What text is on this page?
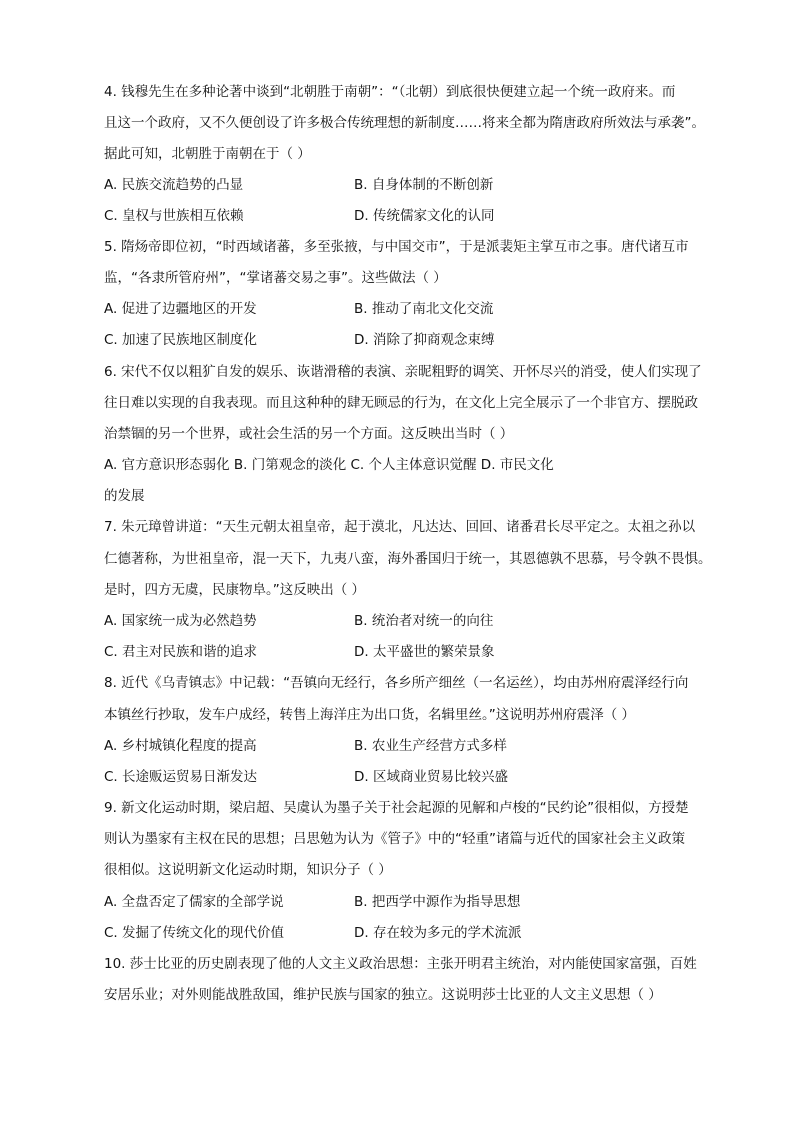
4. 钱穆先生在多种论著中谈到“北朝胜于南朝”：“（北朝）到底很快便建立起一个统一政府来。而
且这一个政府，又不久便创设了许多极合传统理想的新制度……将来全都为隋唐政府所效法与承袭”。
据此可知，北朝胜于南朝在于（ ）
A. 民族交流趋势的凸显	B. 自身体制的不断创新
C. 皇权与世族相互依赖	D. 传统儒家文化的认同
5. 隋炀帝即位初，“时西域诸蕃，多至张掖，与中国交市”，于是派裴矩主掌互市之事。唐代诸互市
监，“各隶所管府州”，“掌诸蕃交易之事”。这些做法（ ）
A. 促进了边疆地区的开发	B. 推动了南北文化交流
C. 加速了民族地区制度化	D. 消除了抑商观念束缚
6. 宋代不仅以粗犷自发的娱乐、诙谐滑稽的表演、亲昵粗野的调笑、开怀尽兴的消受，使人们实现了
往日难以实现的自我表现。而且这种种的肆无顾忌的行为，在文化上完全展示了一个非官方、摆脱政
治禁锢的另一个世界，或社会生活的另一个方面。这反映出当时（ ）
A. 官方意识形态弱化 B. 门第观念的淡化 C. 个人主体意识觉醒 D. 市民文化
的发展
7. 朱元璋曾讲道：“天生元朝太祖皇帝，起于漠北，凡达达、回回、诸番君长尽平定之。太祖之孙以
仁德著称，为世祖皇帝，混一天下，九夷八蛮，海外番国归于统一，其恩德孰不思慕，号令孰不畏惧。
是时，四方无虞，民康物阜。”这反映出（ ）
A. 国家统一成为必然趋势	B. 统治者对统一的向往
C. 君主对民族和谐的追求	D. 太平盛世的繁荣景象
8. 近代《乌青镇志》中记载：“吾镇向无经行，各乡所产细丝（一名运丝），均由苏州府震泽经行向
本镇丝行抄取，发车户成经，转售上海洋庄为出口货，名辑里丝。”这说明苏州府震泽（ ）
A. 乡村城镇化程度的提高	B. 农业生产经营方式多样
C. 长途贩运贸易日渐发达	D. 区域商业贸易比较兴盛
9. 新文化运动时期，梁启超、吴虞认为墨子关于社会起源的见解和卢梭的“民约论”很相似，方授楚
则认为墨家有主权在民的思想；吕思勉为认为《管子》中的“轻重”诸篇与近代的国家社会主义政策
很相似。这说明新文化运动时期，知识分子（ ）
A. 全盘否定了儒家的全部学说	B. 把西学中源作为指导思想
C. 发掘了传统文化的现代价值	D. 存在较为多元的学术流派
10. 莎士比亚的历史剧表现了他的人文主义政治思想：主张开明君主统治，对内能使国家富强，百姓
安居乐业；对外则能战胜敌国，维护民族与国家的独立。这说明莎士比亚的人文主义思想（ ）
